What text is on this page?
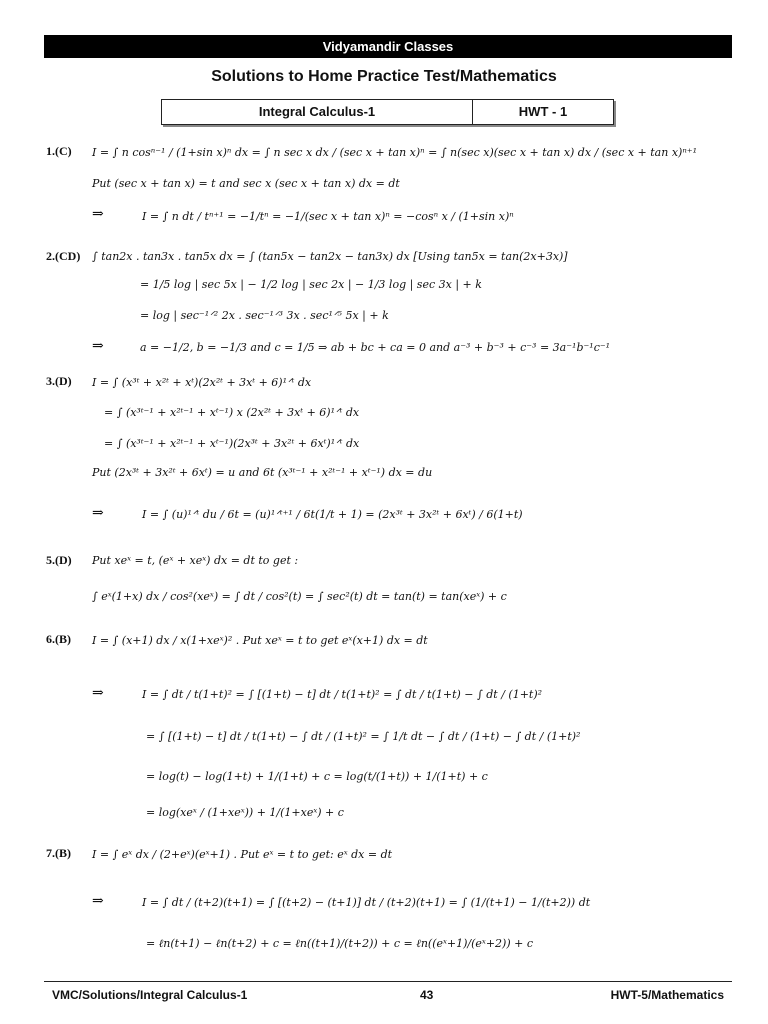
Vidyamandir Classes
Solutions to Home Practice Test/Mathematics
Integral Calculus-1	HWT - 1
1.(C) I = ∫ n cosⁿ⁻¹ / (1+sin x)ⁿ dx = ∫ n sec x dx / (sec x + tan x)ⁿ = ∫ n(sec x)(sec x + tan x) dx / (sec x + tan x)ⁿ⁺¹
Put (sec x + tan x) = t and sec x (sec x + tan x) dx = dt
⇒	I = ∫ n dt / tⁿ⁺¹ = −1/tⁿ = −1/(sec x + tan x)ⁿ = −cosⁿ x / (1+sin x)ⁿ
2.(CD) ∫ tan2x . tan3x . tan5x dx = ∫ (tan5x − tan2x − tan3x) dx [Using tan5x = tan(2x+3x)]
= 1/5 log | sec 5x | − 1/2 log | sec 2x | − 1/3 log | sec 3x | + k
= log | sec⁻¹ᐟ² 2x . sec⁻¹ᐟ³ 3x . sec¹ᐟ⁵ 5x | + k
⇒	a = −1/2, b = −1/3 and c = 1/5 ⇒ ab + bc + ca = 0 and a⁻³ + b⁻³ + c⁻³ = 3a⁻¹b⁻¹c⁻¹
3.(D) I = ∫ (x³ᵗ + x²ᵗ + xᵗ)(2x²ᵗ + 3xᵗ + 6)¹ᐟᵗ dx
= ∫ (x³ᵗ⁻¹ + x²ᵗ⁻¹ + xᵗ⁻¹) x (2x²ᵗ + 3xᵗ + 6)¹ᐟᵗ dx
= ∫ (x³ᵗ⁻¹ + x²ᵗ⁻¹ + xᵗ⁻¹)(2x³ᵗ + 3x²ᵗ + 6xᵗ)¹ᐟᵗ dx
Put (2x³ᵗ + 3x²ᵗ + 6xᵗ) = u and 6t (x³ᵗ⁻¹ + x²ᵗ⁻¹ + xᵗ⁻¹) dx = du
⇒	I = ∫ (u)¹ᐟᵗ du / 6t = (u)¹ᐟᵗ⁺¹ / 6t(1/t + 1) = (2x³ᵗ + 3x²ᵗ + 6xᵗ) / 6(1+t)
5.(D) Put xeˣ = t, (eˣ + xeˣ) dx = dt to get :
∫ eˣ(1+x) dx / cos²(xeˣ) = ∫ dt / cos²(t) = ∫ sec²(t) dt = tan(t) = tan(xeˣ) + c
6.(B) I = ∫ (x+1) dx / x(1+xeˣ)² . Put xeˣ = t to get eˣ(x+1) dx = dt
⇒	I = ∫ dt / t(1+t)² = ∫ [(1+t) − t] dt / t(1+t)² = ∫ dt / t(1+t) − ∫ dt / (1+t)²
= ∫ [(1+t) − t] dt / t(1+t) − ∫ dt / (1+t)² = ∫ 1/t dt − ∫ dt / (1+t) − ∫ dt / (1+t)²
= log(t) − log(1+t) + 1/(1+t) + c = log(t/(1+t)) + 1/(1+t) + c
= log(xeˣ / (1+xeˣ)) + 1/(1+xeˣ) + c
7.(B) I = ∫ eˣ dx / (2+eˣ)(eˣ+1) . Put eˣ = t to get: eˣ dx = dt
⇒	I = ∫ dt / (t+2)(t+1) = ∫ [(t+2) − (t+1)] dt / (t+2)(t+1) = ∫ (1/(t+1) − 1/(t+2)) dt
= ℓn(t+1) − ℓn(t+2) + c = ℓn((t+1)/(t+2)) + c = ℓn((eˣ+1)/(eˣ+2)) + c
VMC/Solutions/Integral Calculus-1	43	HWT-5/Mathematics
